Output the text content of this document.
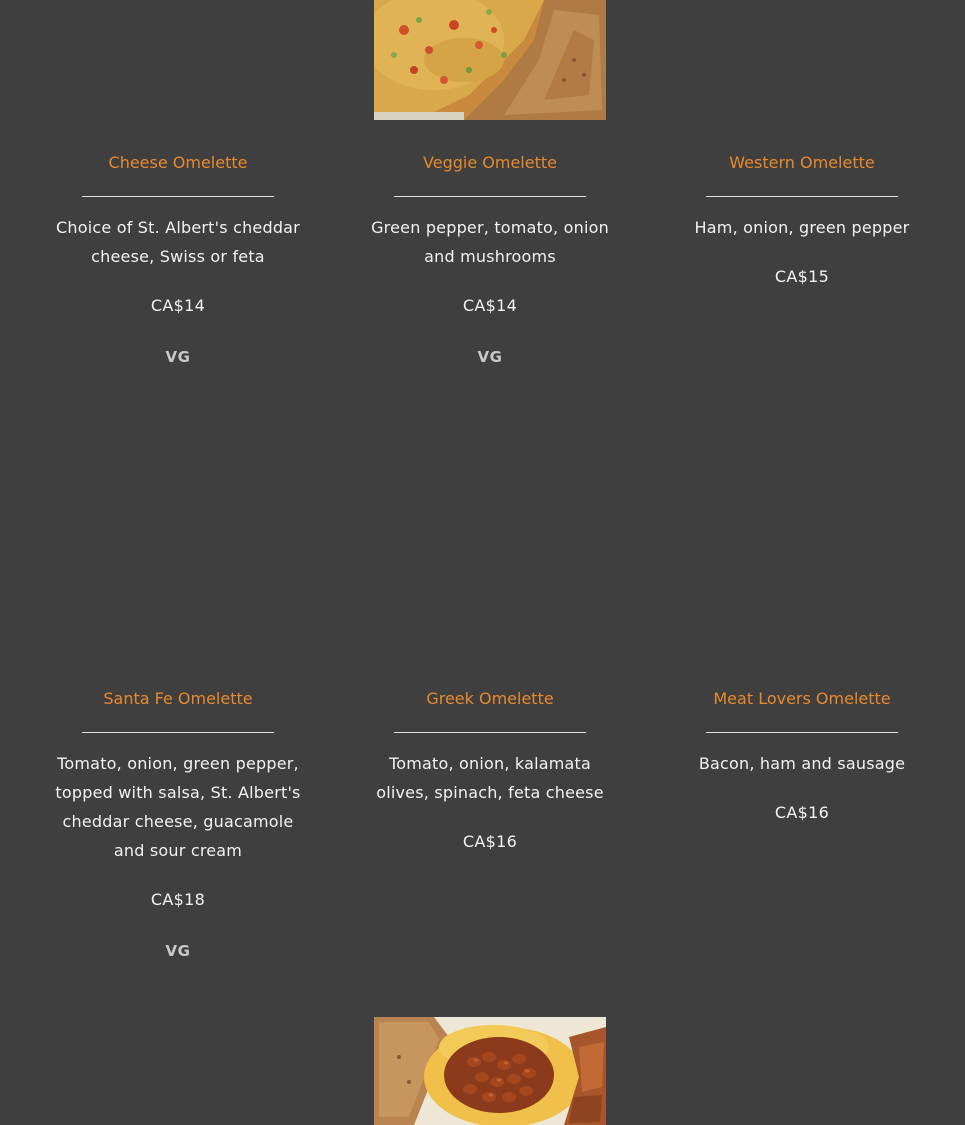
Cheese Omelette
Choice of St. Albert's cheddar cheese, Swiss or feta
CA$14
VG
Veggie Omelette
Green pepper, tomato, onion and mushrooms
CA$14
VG
Western Omelette
Ham, onion, green pepper
CA$15
Santa Fe Omelette
Tomato, onion, green pepper, topped with salsa, St. Albert's cheddar cheese, guacamole and sour cream
CA$18
VG
Greek Omelette
Tomato, onion, kalamata olives, spinach, feta cheese
CA$16
Meat Lovers Omelette
Bacon, ham and sausage
CA$16
